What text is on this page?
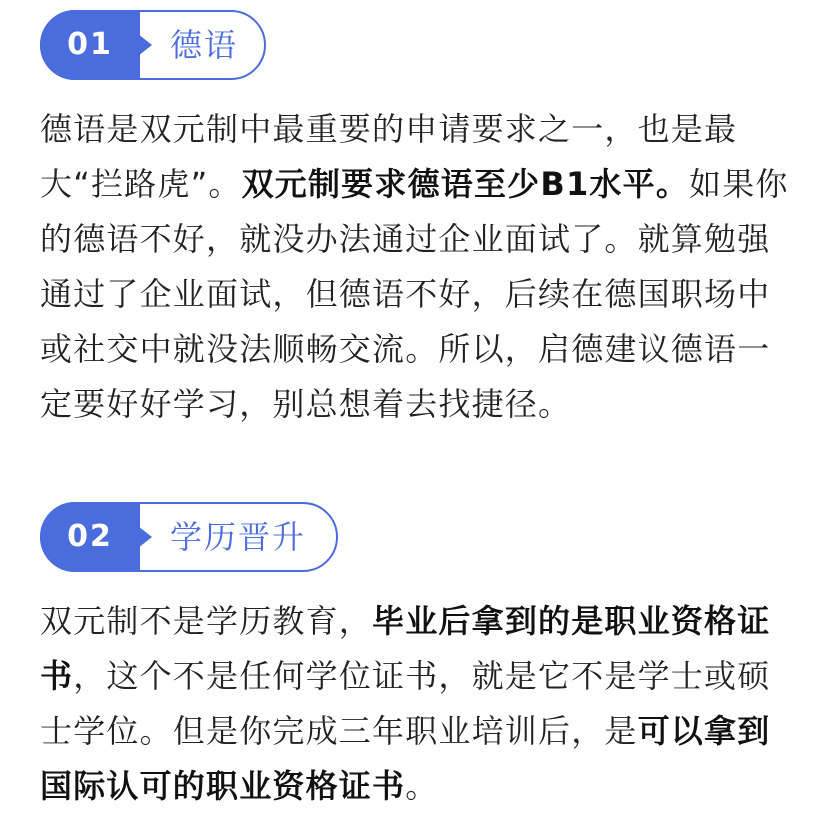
01	德语
德语是双元制中最重要的申请要求之一，也是最大“拦路虎”。双元制要求德语至少B1水平。如果你的德语不好，就没办法通过企业面试了。就算勉强通过了企业面试，但德语不好，后续在德国职场中或社交中就没法顺畅交流。所以，启德建议德语一定要好好学习，别总想着去找捷径。
02	学历晋升
双元制不是学历教育，毕业后拿到的是职业资格证书，这个不是任何学位证书，就是它不是学士或硕士学位。但是你完成三年职业培训后，是可以拿到国际认可的职业资格证书。
